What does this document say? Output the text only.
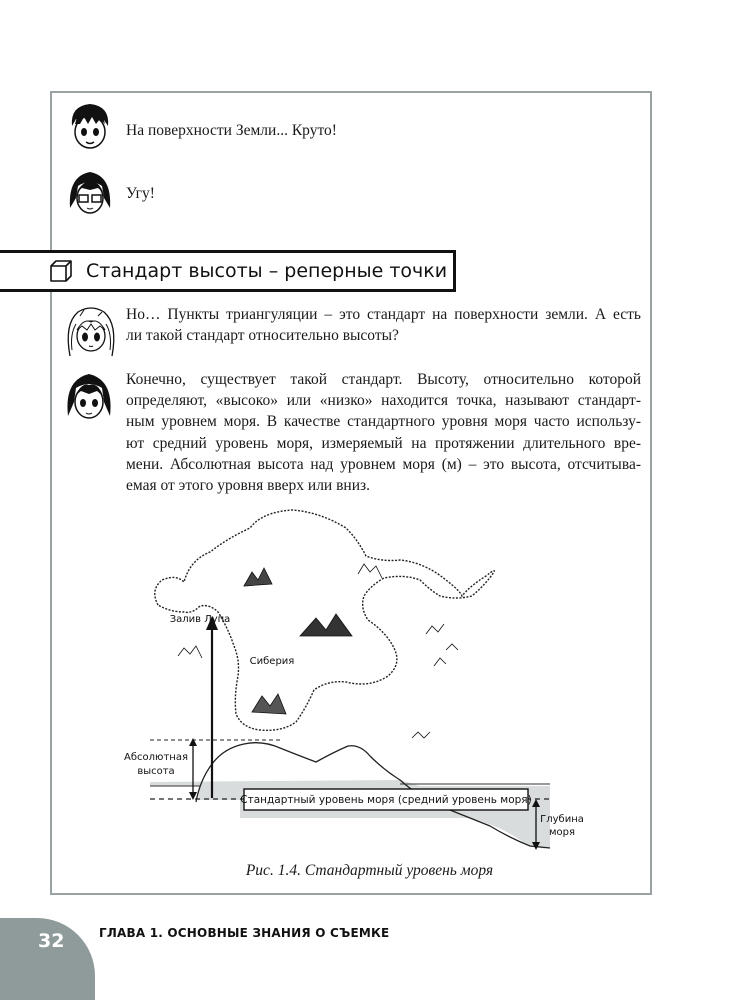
На поверхности Земли... Круто!
Угу!
Стандарт высоты – реперные точки
Но… Пункты триангуляции – это стандарт на поверхности земли. А есть
ли такой стандарт относительно высоты?
Конечно, существует такой стандарт. Высоту, относительно которой
определяют, «высоко» или «низко» находится точка, называют стандарт-
ным уровнем моря. В качестве стандартного уровня моря часто использу-
ют средний уровень моря, измеряемый на протяжении длительного вре-
мени. Абсолютная высота над уровнем моря (м) – это высота, отсчитыва-
емая от этого уровня вверх или вниз.
Залив Лупа
Сиберия
Абсолютная
высота
Стандартный уровень моря (средний уровень моря)
Глубина
моря
Рис. 1.4. Стандартный уровень моря
32	ГЛАВА 1. ОСНОВНЫЕ ЗНАНИЯ О СЪЕМКЕ
